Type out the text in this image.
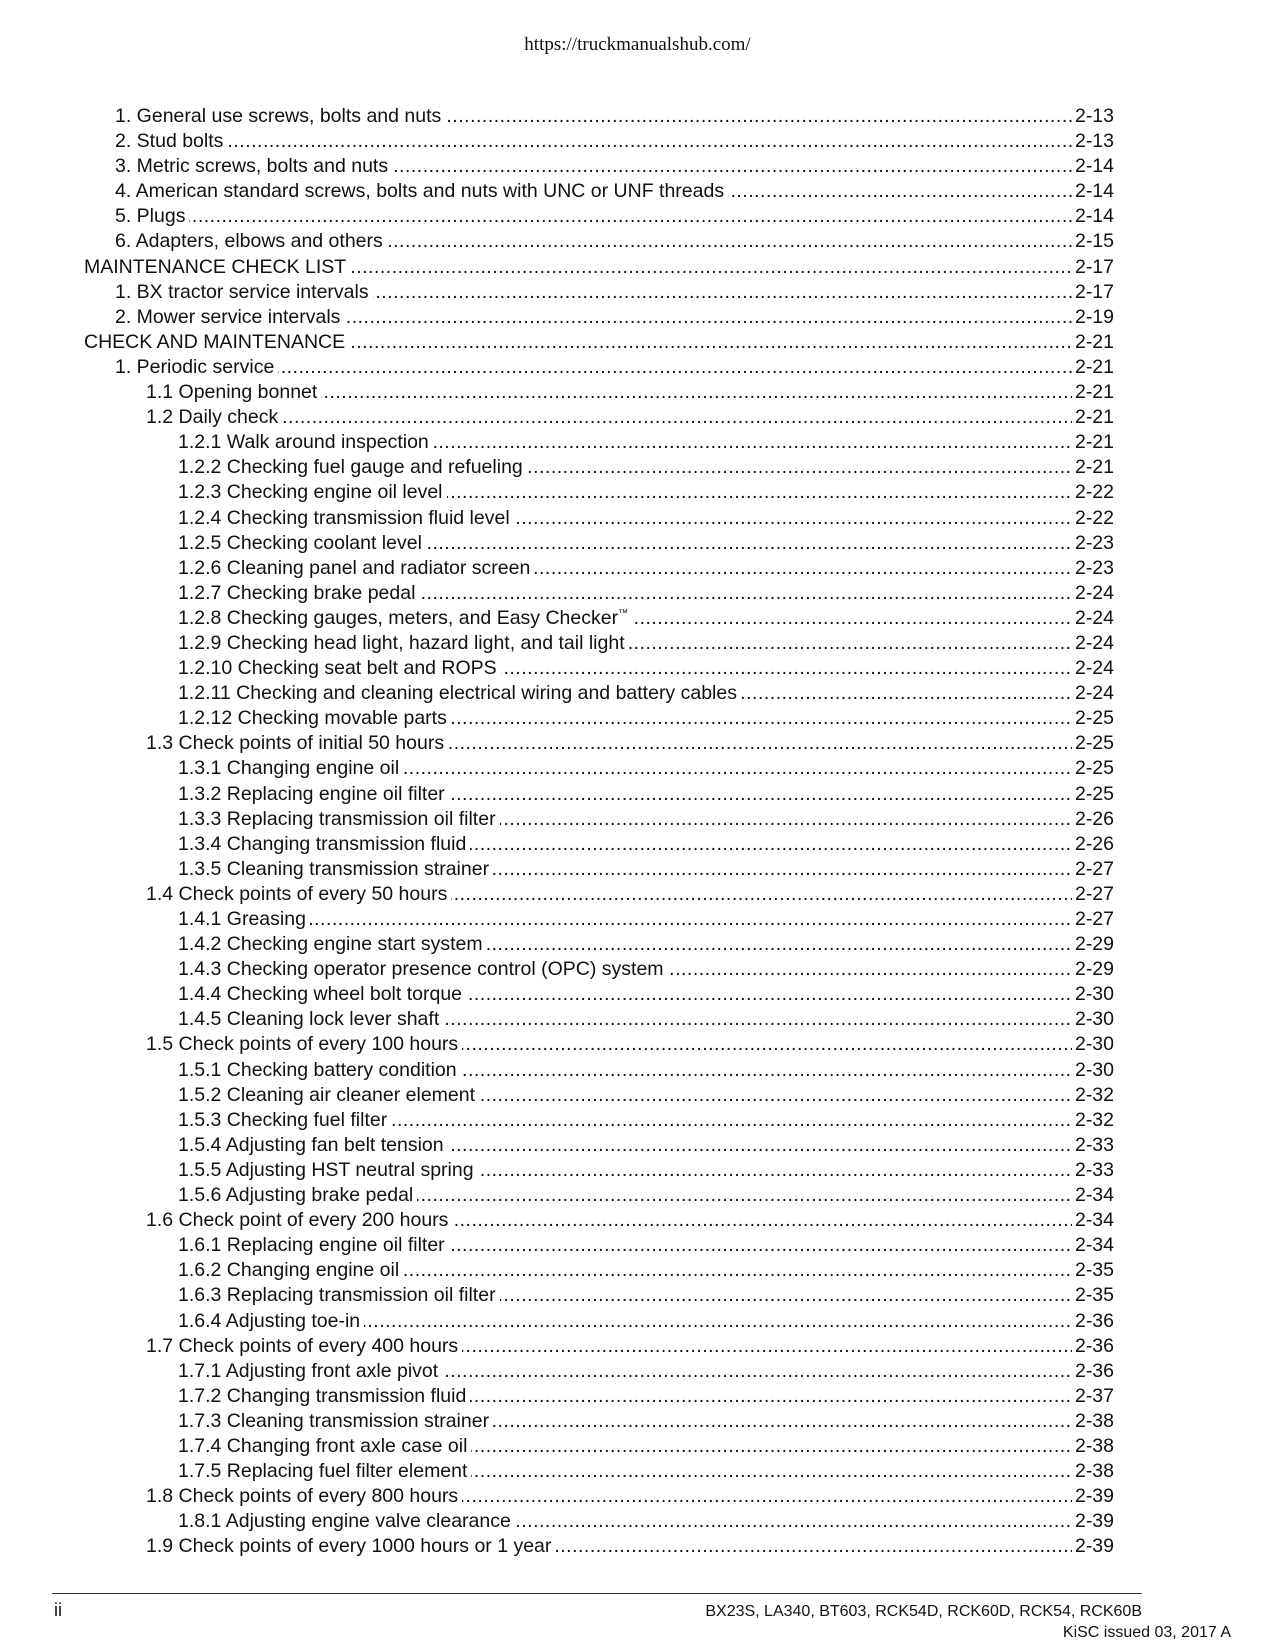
https://truckmanualshub.com/
.....
1. General use screws, bolts and nuts	2-13
.....
2. Stud bolts	2-13
.....
3. Metric screws, bolts and nuts	2-14
.....
4. American standard screws, bolts and nuts with UNC or UNF threads	2-14
.....
5. Plugs	2-14
.....
6. Adapters, elbows and others	2-15
.....
MAINTENANCE CHECK LIST	2-17
.....
1. BX tractor service intervals	2-17
.....
2. Mower service intervals	2-19
.....
CHECK AND MAINTENANCE	2-21
.....
1. Periodic service	2-21
.....
1.1 Opening bonnet	2-21
.....
1.2 Daily check	2-21
.....
1.2.1 Walk around inspection	2-21
.....
1.2.2 Checking fuel gauge and refueling	2-21
.....
1.2.3 Checking engine oil level	2-22
.....
1.2.4 Checking transmission fluid level	2-22
.....
1.2.5 Checking coolant level	2-23
.....
1.2.6 Cleaning panel and radiator screen	2-23
.....
1.2.7 Checking brake pedal	2-24
.....
1.2.8 Checking gauges, meters, and Easy Checker™	2-24
.....
1.2.9 Checking head light, hazard light, and tail light	2-24
.....
1.2.10 Checking seat belt and ROPS	2-24
.....
1.2.11 Checking and cleaning electrical wiring and battery cables	2-24
.....
1.2.12 Checking movable parts	2-25
.....
1.3 Check points of initial 50 hours	2-25
.....
1.3.1 Changing engine oil	2-25
.....
1.3.2 Replacing engine oil filter	2-25
.....
1.3.3 Replacing transmission oil filter	2-26
.....
1.3.4 Changing transmission fluid	2-26
.....
1.3.5 Cleaning transmission strainer	2-27
.....
1.4 Check points of every 50 hours	2-27
.....
1.4.1 Greasing	2-27
.....
1.4.2 Checking engine start system	2-29
.....
1.4.3 Checking operator presence control (OPC) system	2-29
.....
1.4.4 Checking wheel bolt torque	2-30
.....
1.4.5 Cleaning lock lever shaft	2-30
.....
1.5 Check points of every 100 hours	2-30
.....
1.5.1 Checking battery condition	2-30
.....
1.5.2 Cleaning air cleaner element	2-32
.....
1.5.3 Checking fuel filter	2-32
.....
1.5.4 Adjusting fan belt tension	2-33
.....
1.5.5 Adjusting HST neutral spring	2-33
.....
1.5.6 Adjusting brake pedal	2-34
.....
1.6 Check point of every 200 hours	2-34
.....
1.6.1 Replacing engine oil filter	2-34
.....
1.6.2 Changing engine oil	2-35
.....
1.6.3 Replacing transmission oil filter	2-35
.....
1.6.4 Adjusting toe-in	2-36
.....
1.7 Check points of every 400 hours	2-36
.....
1.7.1 Adjusting front axle pivot	2-36
.....
1.7.2 Changing transmission fluid	2-37
.....
1.7.3 Cleaning transmission strainer	2-38
.....
1.7.4 Changing front axle case oil	2-38
.....
1.7.5 Replacing fuel filter element	2-38
.....
1.8 Check points of every 800 hours	2-39
.....
1.8.1 Adjusting engine valve clearance	2-39
.....
1.9 Check points of every 1000 hours or 1 year	2-39
ii	BX23S, LA340, BT603, RCK54D, RCK60D, RCK54, RCK60B
KiSC issued 03, 2017 A
